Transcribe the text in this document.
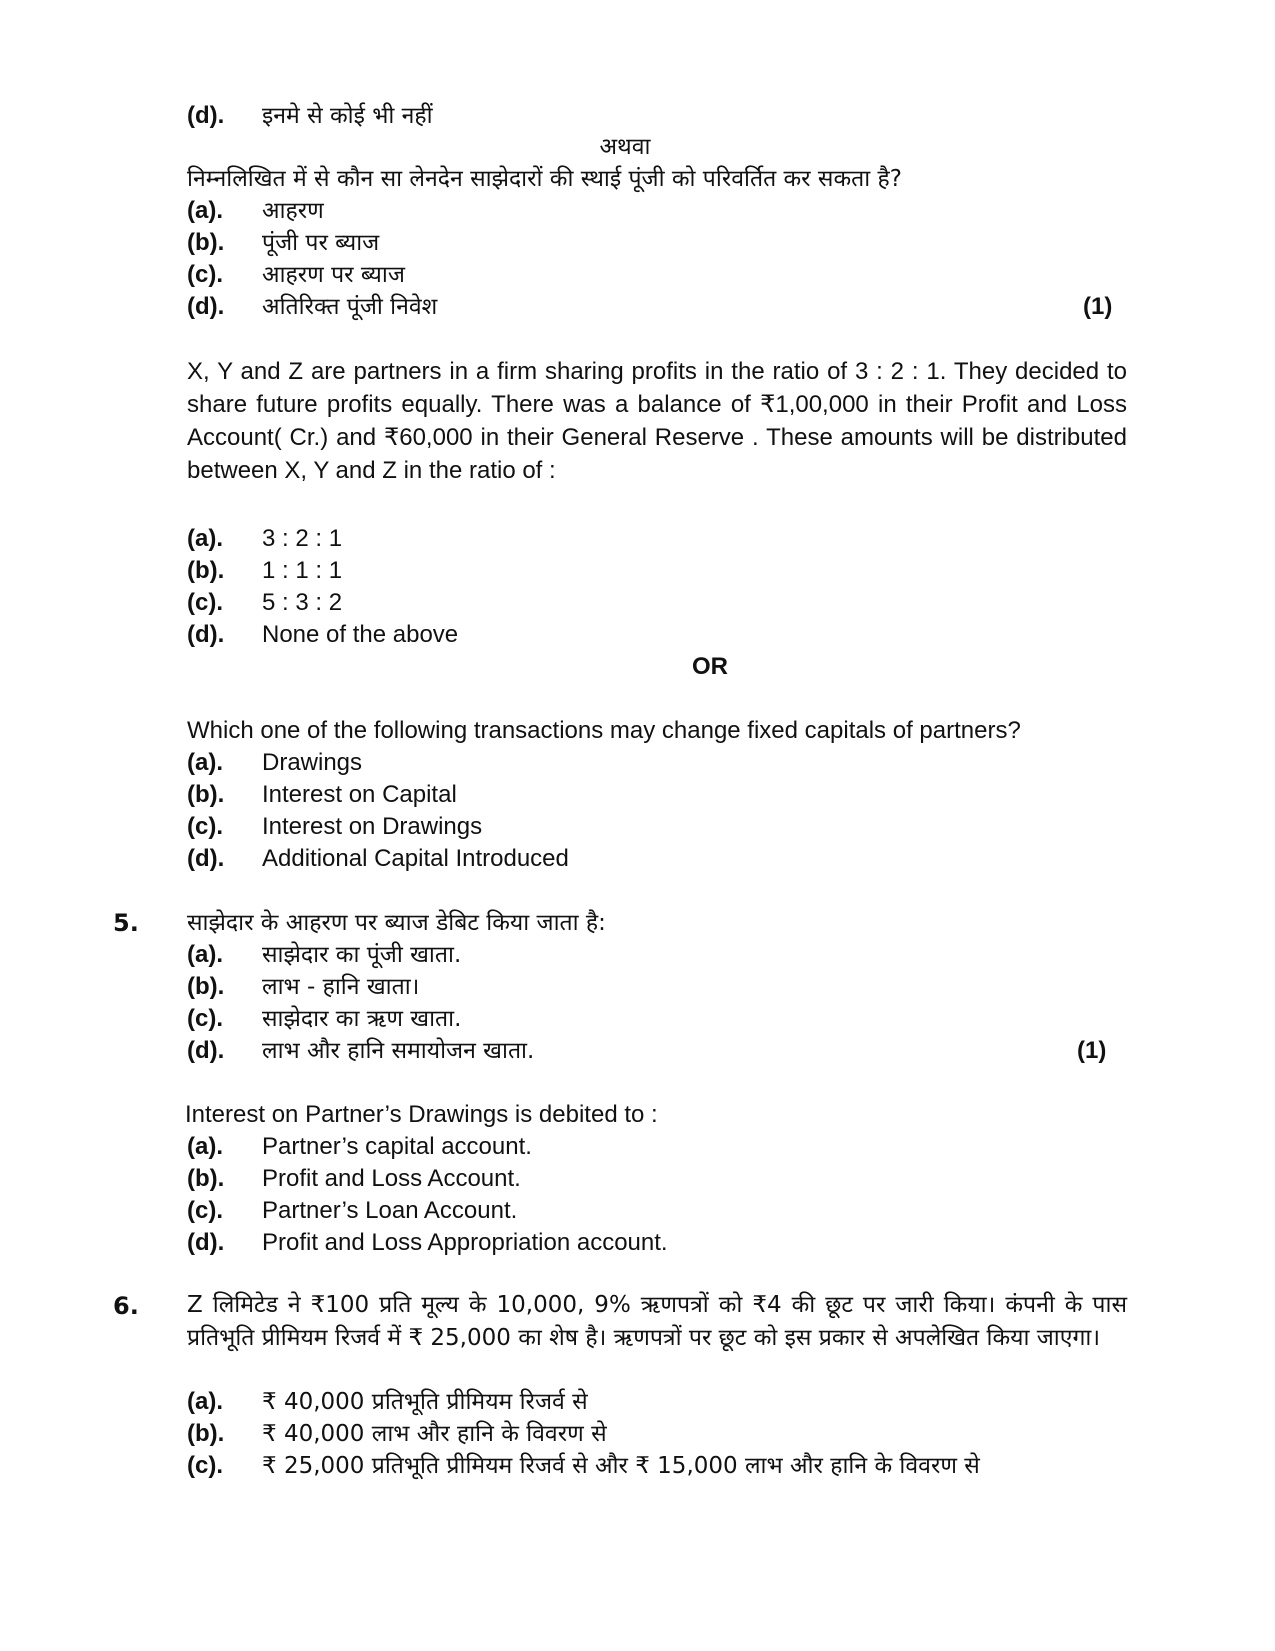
(d). इनमे से कोई भी नहीं
अथवा
निम्नलिखित में से कौन सा लेनदेन साझेदारों की स्थाई पूंजी को परिवर्तित कर सकता है?
(a). आहरण
(b). पूंजी पर ब्याज
(c). आहरण पर ब्याज
(d). अतिरिक्त पूंजी निवेश	(1)
X, Y and Z are partners in a firm sharing profits in the ratio of 3 : 2 : 1. They decided to share future profits equally. There was a balance of ₹1,00,000 in their Profit and Loss Account( Cr.) and ₹60,000 in their General Reserve . These amounts will be distributed between X, Y and Z in the ratio of :
(a). 3 : 2 : 1
(b). 1 : 1 : 1
(c). 5 : 3 : 2
(d). None of the above
OR
Which one of the following transactions may change fixed capitals of partners?
(a). Drawings
(b). Interest on Capital
(c). Interest on Drawings
(d). Additional Capital Introduced
5. साझेदार के आहरण पर ब्याज डेबिट किया जाता है:
(a). साझेदार का पूंजी खाता.
(b). लाभ - हानि खाता।
(c). साझेदार का ऋण खाता.
(d). लाभ और हानि समायोजन खाता.	(1)
Interest on Partner’s Drawings is debited to :
(a). Partner’s capital account.
(b). Profit and Loss Account.
(c). Partner’s Loan Account.
(d). Profit and Loss Appropriation account.
6. Z लिमिटेड ने ₹100 प्रति मूल्य के 10,000, 9% ऋणपत्रों को ₹4 की छूट पर जारी किया। कंपनी के पास प्रतिभूति प्रीमियम रिजर्व में ₹ 25,000 का शेष है। ऋणपत्रों पर छूट को इस प्रकार से अपलेखित किया जाएगा।
(a). ₹ 40,000 प्रतिभूति प्रीमियम रिजर्व से
(b). ₹ 40,000 लाभ और हानि के विवरण से
(c). ₹ 25,000 प्रतिभूति प्रीमियम रिजर्व से और ₹ 15,000 लाभ और हानि के विवरण से
